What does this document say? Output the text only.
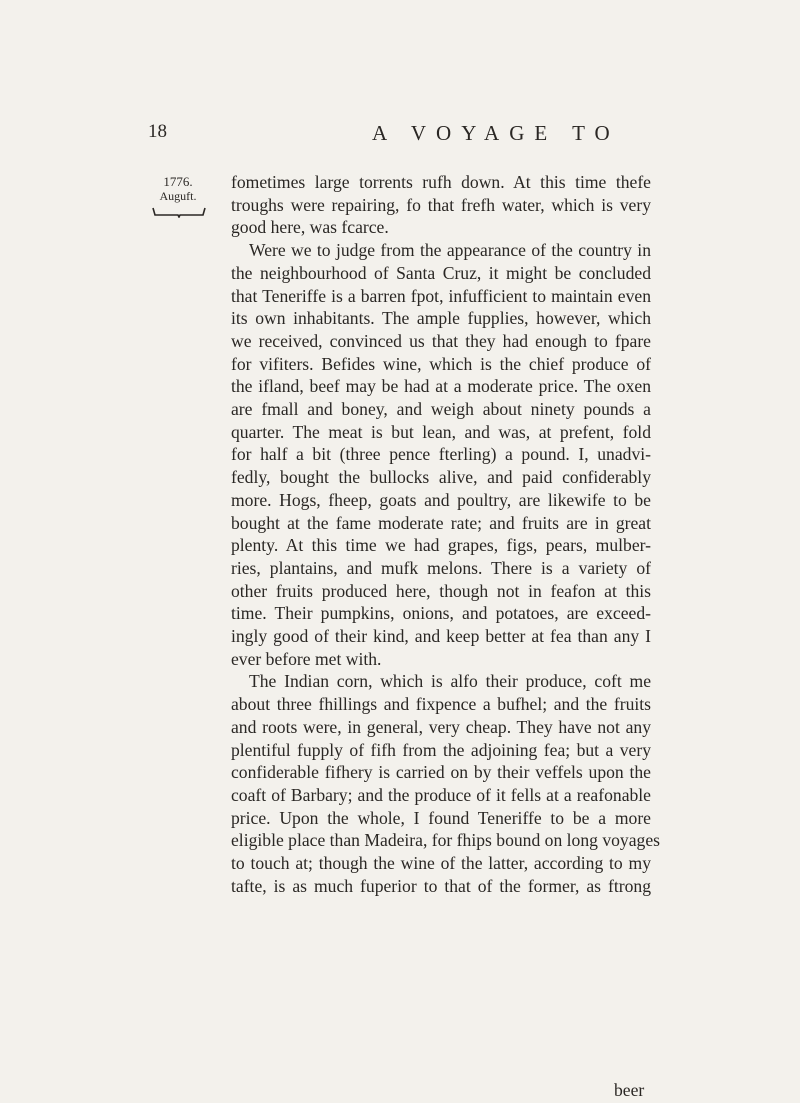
18	A VOYAGE TO
1776.
Auguft.
fometimes large torrents rufh down. At this time thefe
troughs were repairing, fo that frefh water, which is very
good here, was fcarce.
Were we to judge from the appearance of the country in
the neighbourhood of Santa Cruz, it might be concluded
that Teneriffe is a barren fpot, infufficient to maintain even
its own inhabitants. The ample fupplies, however, which
we received, convinced us that they had enough to fpare
for vifiters. Befides wine, which is the chief produce of
the ifland, beef may be had at a moderate price. The oxen
are fmall and boney, and weigh about ninety pounds a
quarter. The meat is but lean, and was, at prefent, fold
for half a bit (three pence fterling) a pound. I, unadvi-
fedly, bought the bullocks alive, and paid confiderably
more. Hogs, fheep, goats and poultry, are likewife to be
bought at the fame moderate rate; and fruits are in great
plenty. At this time we had grapes, figs, pears, mulber-
ries, plantains, and mufk melons. There is a variety of
other fruits produced here, though not in feafon at this
time. Their pumpkins, onions, and potatoes, are exceed-
ingly good of their kind, and keep better at fea than any I
ever before met with.
The Indian corn, which is alfo their produce, coft me
about three fhillings and fixpence a bufhel; and the fruits
and roots were, in general, very cheap. They have not any
plentiful fupply of fifh from the adjoining fea; but a very
confiderable fifhery is carried on by their veffels upon the
coaft of Barbary; and the produce of it fells at a reafonable
price. Upon the whole, I found Teneriffe to be a more
eligible place than Madeira, for fhips bound on long voyages
to touch at; though the wine of the latter, according to my
tafte, is as much fuperior to that of the former, as ftrong
beer
